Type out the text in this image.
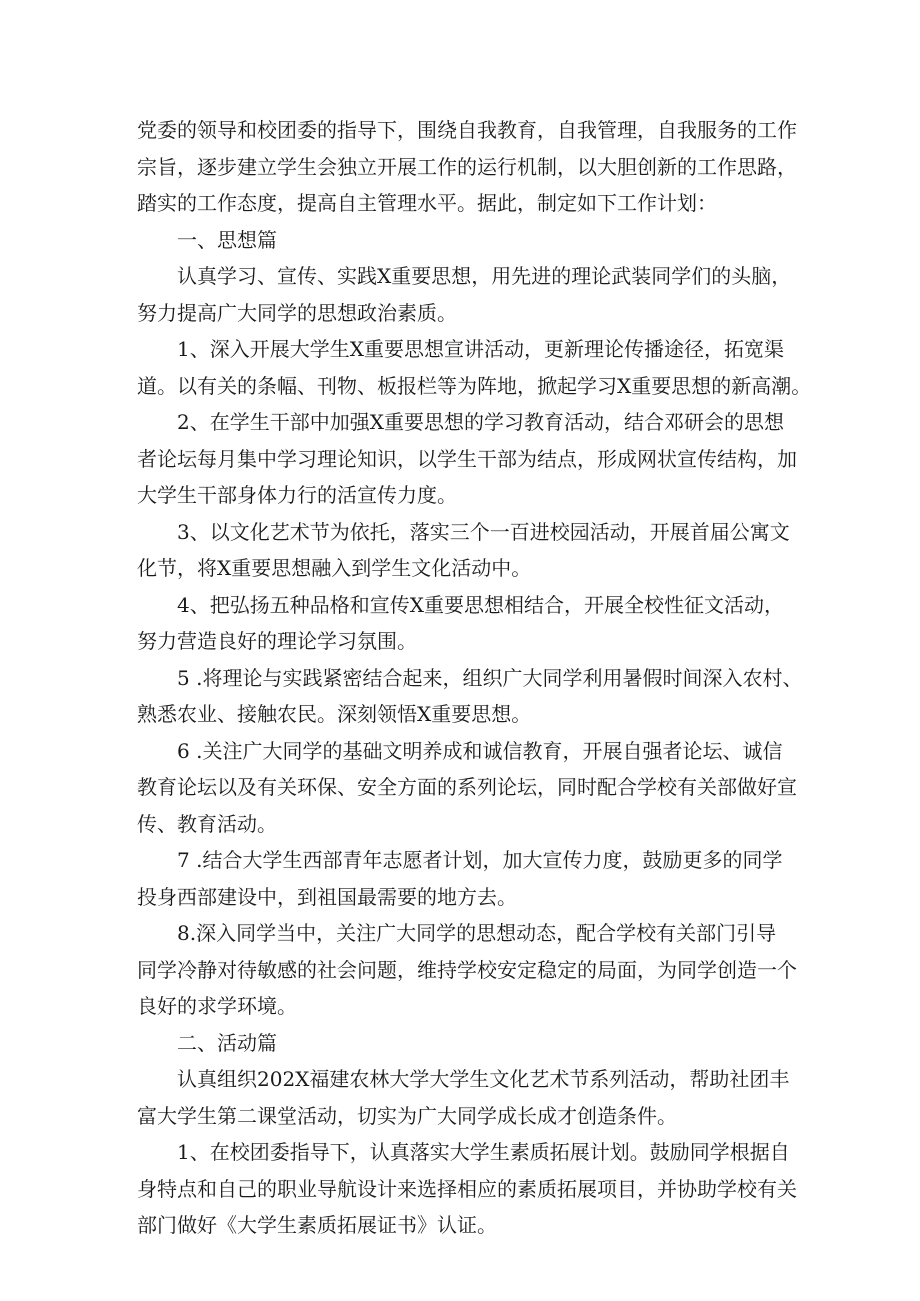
党委的领导和校团委的指导下，围绕自我教育，自我管理，自我服务的工作
宗旨，逐步建立学生会独立开展工作的运行机制，以大胆创新的工作思路，
踏实的工作态度，提高自主管理水平。据此，制定如下工作计划：
一、思想篇
认真学习、宣传、实践X重要思想，用先进的理论武装同学们的头脑，
努力提高广大同学的思想政治素质。
1、深入开展大学生X重要思想宣讲活动，更新理论传播途径，拓宽渠
道。以有关的条幅、刊物、板报栏等为阵地，掀起学习X重要思想的新高潮。
2、在学生干部中加强X重要思想的学习教育活动，结合邓研会的思想
者论坛每月集中学习理论知识，以学生干部为结点，形成网状宣传结构，加
大学生干部身体力行的活宣传力度。
3、以文化艺术节为依托，落实三个一百进校园活动，开展首届公寓文
化节，将X重要思想融入到学生文化活动中。
4、把弘扬五种品格和宣传X重要思想相结合，开展全校性征文活动，
努力营造良好的理论学习氛围。
5 .将理论与实践紧密结合起来，组织广大同学利用暑假时间深入农村、
熟悉农业、接触农民。深刻领悟X重要思想。
6 .关注广大同学的基础文明养成和诚信教育，开展自强者论坛、诚信
教育论坛以及有关环保、安全方面的系列论坛，同时配合学校有关部做好宣
传、教育活动。
7 .结合大学生西部青年志愿者计划，加大宣传力度，鼓励更多的同学
投身西部建设中，到祖国最需要的地方去。
8.深入同学当中，关注广大同学的思想动态，配合学校有关部门引导
同学冷静对待敏感的社会问题，维持学校安定稳定的局面，为同学创造一个
良好的求学环境。
二、活动篇
认真组织202X福建农林大学大学生文化艺术节系列活动，帮助社团丰
富大学生第二课堂活动，切实为广大同学成长成才创造条件。
1、在校团委指导下，认真落实大学生素质拓展计划。鼓励同学根据自
身特点和自己的职业导航设计来选择相应的素质拓展项目，并协助学校有关
部门做好《大学生素质拓展证书》认证。
